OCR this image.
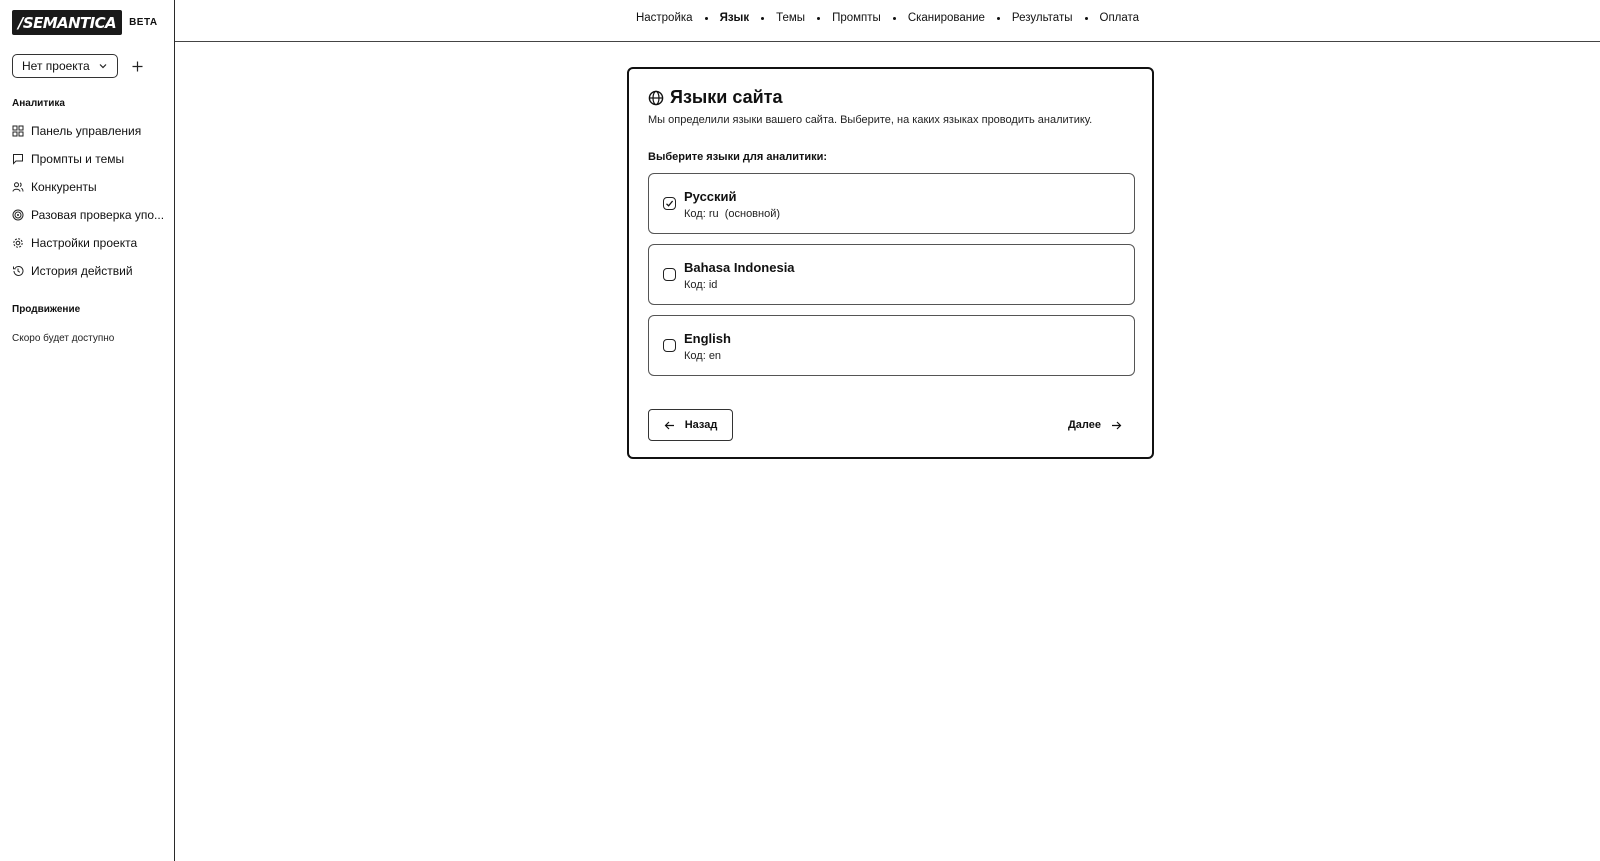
/SEMANTICA	BETA
Нет проекта
Аналитика
Панель управления
Промпты и темы
Конкуренты
Разовая проверка упо...
Настройки проекта
История действий
Продвижение
Скоро будет доступно
Настройка Язык Темы Промпты Сканирование Результаты Оплата
Языки сайта
Мы определили языки вашего сайта. Выберите, на каких языках проводить аналитику.
Выберите языки для аналитики:
Русский
Код: ru  (основной)
Bahasa Indonesia
Код: id
English
Код: en
Назад	Далее
